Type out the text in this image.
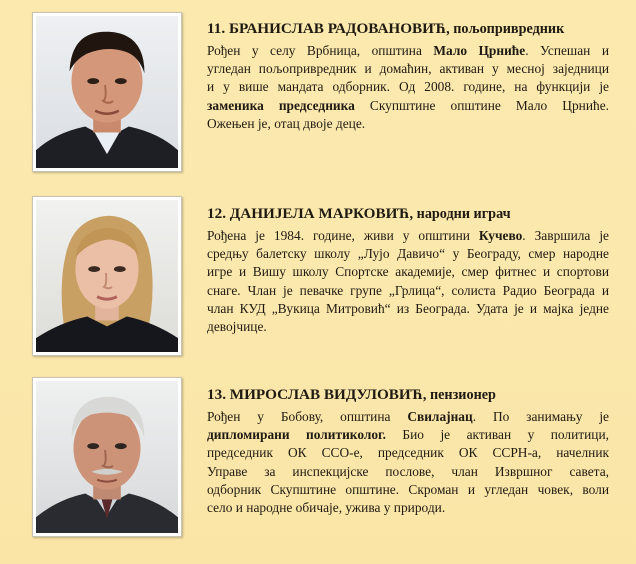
11. БРАНИСЛАВ РАДОВАНОВИЋ, пољопривредник

Рођен у селу Врбница, општина Мало Црниће. Успешан и
угледан пољопривредник и домаћин, активан у месној заједници
и у више мандата одборник. Од 2008. године, на функцији је
заменика председника Скупштине општине Мало Црниће.
Ожењен је, отац двоје деце.

12. ДАНИЈЕЛА МАРКОВИЋ, народни играч

Рођена је 1984. године, живи у општини Кучево. Завршила је
средњу балетску школу „Лујо Давичо“ у Београду, смер народне
игре и Вишу школу Спортске академије, смер фитнес и спортови
снаге. Члан је певачке групе „Грлица“, солиста Радио Београда и
члан КУД „Вукица Митровић“ из Београда. Удата је и мајка једне
девојчице.

13. МИРОСЛАВ ВИДУЛОВИЋ, пензионер

Рођен у Бобову, општина Свилајнац. По занимању је
дипломирани политиколог. Био је активан у политици,
председник ОК ССО-е, председник ОК ССРН-а, начелник
Управе за инспекцијске послове, члан Извршног савета,
одборник Скупштине општине. Скроман и угледан човек, воли
село и народне обичаје, ужива у природи.
